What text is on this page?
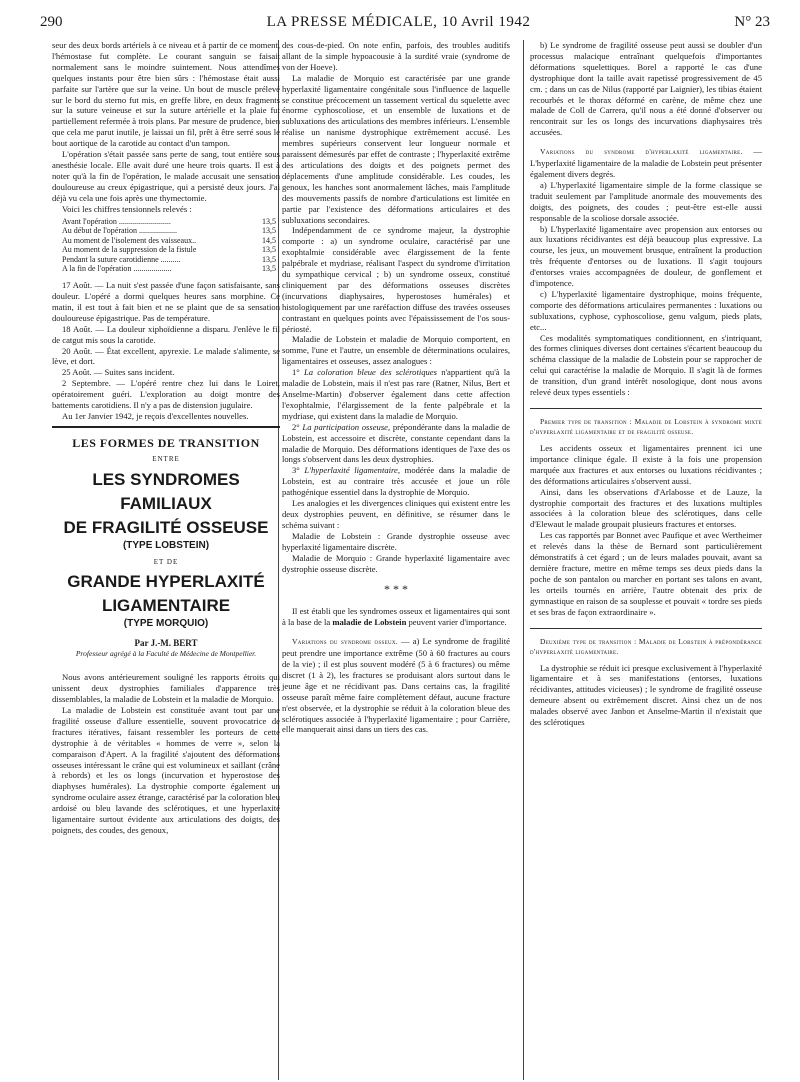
290	LA PRESSE MÉDICALE, 10 Avril 1942	N° 23

seur des deux bords artériels à ce niveau et à partir de ce moment, l'hémostase fut complète. Le courant sanguin se faisait normalement sans le moindre suintement. Nous attendîmes quelques instants pour être bien sûrs : l'hémostase était aussi parfaite sur l'artère que sur la veine. Un bout de muscle prélevé sur le bord du sterno fut mis, en greffe libre, en deux fragments sur la suture veineuse et sur la suture artérielle et la plaie fut partiellement refermée à trois plans. Par mesure de prudence, bien que cela me parut inutile, je laissai un fil, prêt à être serré sous le bout aortique de la carotide au contact d'un tampon.

L'opération s'était passée sans perte de sang, tout entière sous anesthésie locale. Elle avait duré une heure trois quarts. Il est à noter qu'à la fin de l'opération, le malade accusait une sensation douloureuse au creux épigastrique, qui a persisté deux jours. J'ai déjà vu cela une fois après une thymectomie.

Voici les chiffres tensionnels relevés :

Avant l'opération ..........................	13,5
Au début de l'opération ...................	13,5
Au moment de l'isolement des vaisseaux..	14,5
Au moment de la suppression de la fistule	13,5
Pendant la suture carotidienne ..........	13,5
A la fin de l'opération ...................	13,5

17 Août. — La nuit s'est passée d'une façon satisfaisante, sans douleur. L'opéré a dormi quelques heures sans morphine. Ce matin, il est tout à fait bien et ne se plaint que de sa sensation douloureuse épigastrique. Pas de température.

18 Août. — La douleur xiphoïdienne a disparu. J'enlève le fil de catgut mis sous la carotide.

20 Août. — État excellent, apyrexie. Le malade s'alimente, se lève, et dort.

25 Août. — Suites sans incident.

2 Septembre. — L'opéré rentre chez lui dans le Loiret, opératoirement guéri. L'exploration au doigt montre des battements carotidiens. Il n'y a pas de distension jugulaire.

Au 1er Janvier 1942, je reçois d'excellentes nouvelles.

LES FORMES DE TRANSITION
ENTRE
LES SYNDROMES FAMILIAUX
DE FRAGILITÉ OSSEUSE
(TYPE LOBSTEIN)
ET DE
GRANDE HYPERLAXITÉ
LIGAMENTAIRE
(TYPE MORQUIO)
Par J.-M. BERT
Professeur agrégé à la Faculté de Médecine de Montpellier.

Nous avons antérieurement souligné les rapports étroits qui unissent deux dystrophies familiales d'apparence très dissemblables, la maladie de Lobstein et la maladie de Morquio.

La maladie de Lobstein est constituée avant tout par une fragilité osseuse d'allure essentielle, souvent provocatrice de fractures itératives, faisant ressembler les porteurs de cette dystrophie à de véritables « hommes de verre », selon la comparaison d'Apert. A la fragilité s'ajoutent des déformations osseuses intéressant le crâne qui est volumineux et saillant (crâne à rebords) et les os longs (incurvation et hyperostose des diaphyses humérales). La dystrophie comporte également un syndrome oculaire assez étrange, caractérisé par la coloration bleu ardoisé ou bleu lavande des sclérotiques, et une hyperlaxité ligamentaire surtout évidente aux articulations des doigts, des poignets, des coudes, des genoux,

des cous-de-pied. On note enfin, parfois, des troubles auditifs allant de la simple hypoacousie à la surdité vraie (syndrome de von der Hoeve).

La maladie de Morquio est caractérisée par une grande hyperlaxité ligamentaire congénitale sous l'influence de laquelle se constitue précocement un tassement vertical du squelette avec énorme cyphoscoliose, et un ensemble de luxations et de subluxations des articulations des membres inférieurs. L'ensemble réalise un nanisme dystrophique extrêmement accusé. Les membres supérieurs conservent leur longueur normale et paraissent démesurés par effet de contraste ; l'hyperlaxité extrême des articulations des doigts et des poignets permet des déplacements d'une amplitude considérable. Les coudes, les genoux, les hanches sont anormalement lâches, mais l'amplitude des mouvements passifs de nombre d'articulations est limitée en partie par l'existence des déformations articulaires et des subluxations secondaires.

Indépendamment de ce syndrome majeur, la dystrophie comporte : a) un syndrome oculaire, caractérisé par une exophtalmie considérable avec élargissement de la fente palpébrale et mydriase, réalisant l'aspect du syndrome d'irritation du sympathique cervical ; b) un syndrome osseux, constitué cliniquement par des déformations osseuses discrètes (incurvations diaphysaires, hyperostoses humérales) et histologiquement par une raréfaction diffuse des travées osseuses contrastant en quelques points avec l'épaississement de l'os sous-périosté.

Maladie de Lobstein et maladie de Morquio comportent, en somme, l'une et l'autre, un ensemble de déterminations oculaires, ligamentaires et osseuses, assez analogues :

1° La coloration bleue des sclérotiques n'appartient qu'à la maladie de Lobstein, mais il n'est pas rare (Ratner, Nilus, Bert et Anselme-Martin) d'observer également dans cette affection l'exophtalmie, l'élargissement de la fente palpébrale et la mydriase, qui existent dans la maladie de Morquio.

2° La participation osseuse, prépondérante dans la maladie de Lobstein, est accessoire et discrète, constante cependant dans la maladie de Morquio. Des déformations identiques de l'axe des os longs s'observent dans les deux dystrophies.

3° L'hyperlaxité ligamentaire, modérée dans la maladie de Lobstein, est au contraire très accusée et joue un rôle pathogénique essentiel dans la dystrophie de Morquio.

Les analogies et les divergences cliniques qui existent entre les deux dystrophies peuvent, en définitive, se résumer dans le schéma suivant :

Maladie de Lobstein : Grande dystrophie osseuse avec hyperlaxité ligamentaire discrète.

Maladie de Morquio : Grande hyperlaxité ligamentaire avec dystrophie osseuse discrète.

* * *

Il est établi que les syndromes osseux et ligamentaires qui sont à la base de la maladie de Lobstein peuvent varier d'importance.

Variations du syndrome osseux. — a) Le syndrome de fragilité peut prendre une importance extrême (50 à 60 fractures au cours de la vie) ; il est plus souvent modéré (5 à 6 fractures) ou même discret (1 à 2), les fractures se produisant alors surtout dans le jeune âge et ne récidivant pas. Dans certains cas, la fragilité osseuse paraît même faire complètement défaut, aucune fracture n'est observée, et la dystrophie se réduit à la coloration bleue des sclérotiques associée à l'hyperlaxité ligamentaire ; pour Carrière, elle manquerait ainsi dans un tiers des cas.

b) Le syndrome de fragilité osseuse peut aussi se doubler d'un processus malacique entraînant quelquefois d'importantes déformations squelettiques. Borel a rapporté le cas d'une dystrophique dont la taille avait rapetissé progressivement de 45 cm. ; dans un cas de Nilus (rapporté par Laignier), les tibias étaient recourbés et le thorax déformé en carène, de même chez une malade de Coll de Carrera, qu'il nous a été donné d'observer ou rencontrait sur les os longs des incurvations diaphysaires très accusées.

Variations du syndrome d'hyperlaxité ligamentaire. — L'hyperlaxité ligamentaire de la maladie de Lobstein peut présenter également divers degrés.

a) L'hyperlaxité ligamentaire simple de la forme classique se traduit seulement par l'amplitude anormale des mouvements des doigts, des poignets, des coudes ; peut-être est-elle aussi responsable de la scoliose dorsale associée.

b) L'hyperlaxité ligamentaire avec propension aux entorses ou aux luxations récidivantes est déjà beaucoup plus expressive. La course, les jeux, un mouvement brusque, entraînent la production très fréquente d'entorses ou de luxations. Il s'agit toujours d'entorses vraies accompagnées de douleur, de gonflement et d'impotence.

c) L'hyperlaxité ligamentaire dystrophique, moins fréquente, comporte des déformations articulaires permanentes : luxations ou subluxations, cyphose, cyphoscoliose, genu valgum, pieds plats, etc...

Ces modalités symptomatiques conditionnent, en s'intriquant, des formes cliniques diverses dont certaines s'écartent beaucoup du schéma classique de la maladie de Lobstein pour se rapprocher de celui qui caractérise la maladie de Morquio. Il s'agit là de formes de transition, d'un grand intérêt nosologique, dont nous avons relevé deux types essentiels :

Premier type de transition : Maladie de Lobstein à syndrome mixte d'hyperlaxité ligamentaire et de fragilité osseuse.

Les accidents osseux et ligamentaires prennent ici une importance clinique égale. Il existe à la fois une propension marquée aux fractures et aux entorses ou luxations récidivantes ; des déformations articulaires s'observent aussi.

Ainsi, dans les observations d'Arlabosse et de Lauze, la dystrophie comportait des fractures et des luxations multiples associées à la coloration bleue des sclérotiques, dans celle d'Elewaut le malade groupait plusieurs fractures et entorses.

Les cas rapportés par Bonnet avec Paufique et avec Wertheimer et relevés dans la thèse de Bernard sont particulièrement démonstratifs à cet égard ; un de leurs malades pouvait, avant sa dernière fracture, mettre en même temps ses deux pieds dans la poche de son pantalon ou marcher en portant ses talons en avant, les orteils tournés en arrière, l'autre obtenait des prix de gymnastique en raison de sa souplesse et pouvait « tordre ses pieds et ses bras de façon extraordinaire ».

Deuxième type de transition : Maladie de Lobstein à prépondérance d'hyperlaxité ligamentaire.

La dystrophie se réduit ici presque exclusivement à l'hyperlaxité ligamentaire et à ses manifestations (entorses, luxations récidivantes, attitudes vicieuses) ; le syndrome de fragilité osseuse demeure absent ou extrêmement discret. Ainsi chez un de nos malades observé avec Janbon et Anselme-Martin il n'existait que des sclérotiques
